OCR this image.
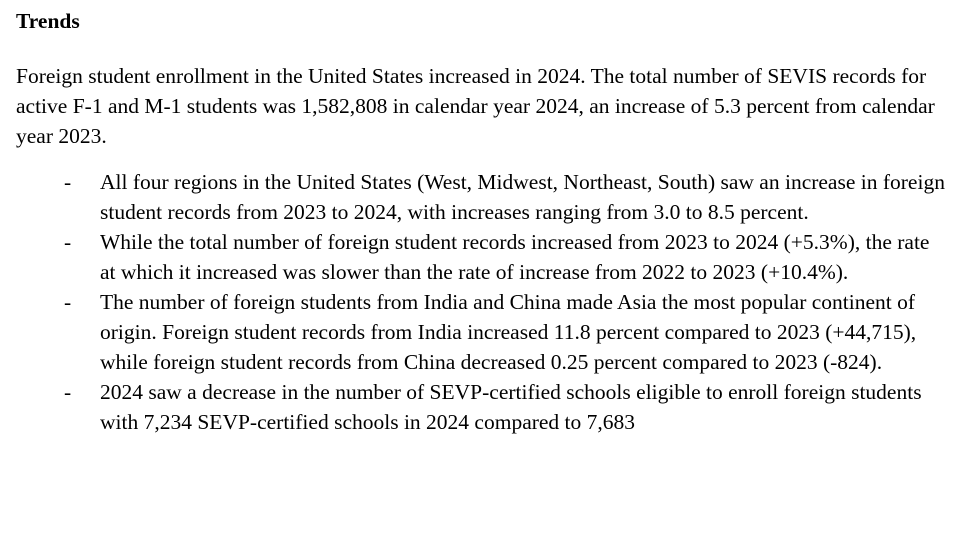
Trends

Foreign student enrollment in the United States increased in 2024. The total number of SEVIS records for active F-1 and M-1 students was 1,582,808 in calendar year 2024, an increase of 5.3 percent from calendar year 2023.

- All four regions in the United States (West, Midwest, Northeast, South) saw an increase in foreign student records from 2023 to 2024, with increases ranging from 3.0 to 8.5 percent.
- While the total number of foreign student records increased from 2023 to 2024 (+5.3%), the rate at which it increased was slower than the rate of increase from 2022 to 2023 (+10.4%).
- The number of foreign students from India and China made Asia the most popular continent of origin. Foreign student records from India increased 11.8 percent compared to 2023 (+44,715), while foreign student records from China decreased 0.25 percent compared to 2023 (-824).
- 2024 saw a decrease in the number of SEVP-certified schools eligible to enroll foreign students with 7,234 SEVP-certified schools in 2024 compared to 7,683
